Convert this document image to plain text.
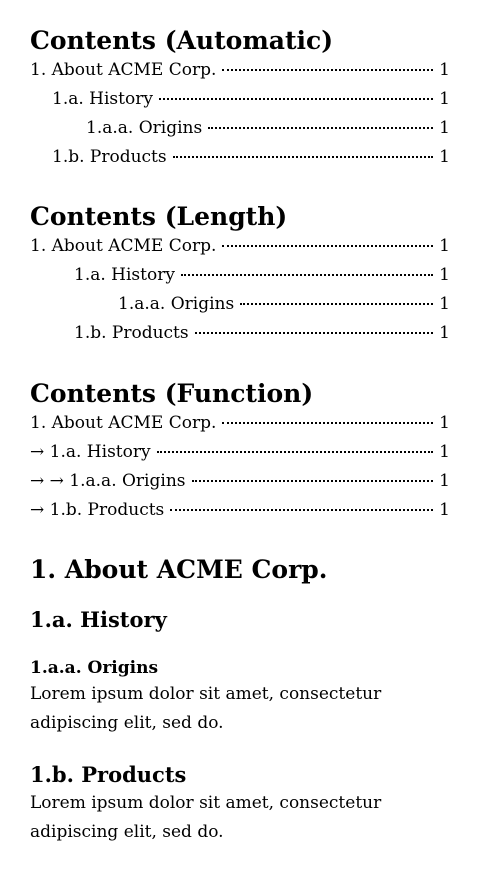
Contents (Automatic)
1. About ACME Corp.	1
1.a. History	1
1.a.a. Origins	1
1.b. Products	1
Contents (Length)
1. About ACME Corp.	1
1.a. History	1
1.a.a. Origins	1
1.b. Products	1
Contents (Function)
1. About ACME Corp.	1
→ 1.a. History	1
→ → 1.a.a. Origins	1
→ 1.b. Products	1
1. About ACME Corp.
1.a. History
1.a.a. Origins

Lorem ipsum dolor sit amet, consectetur adipiscing elit, sed do.

1.b. Products

Lorem ipsum dolor sit amet, consectetur adipiscing elit, sed do.
